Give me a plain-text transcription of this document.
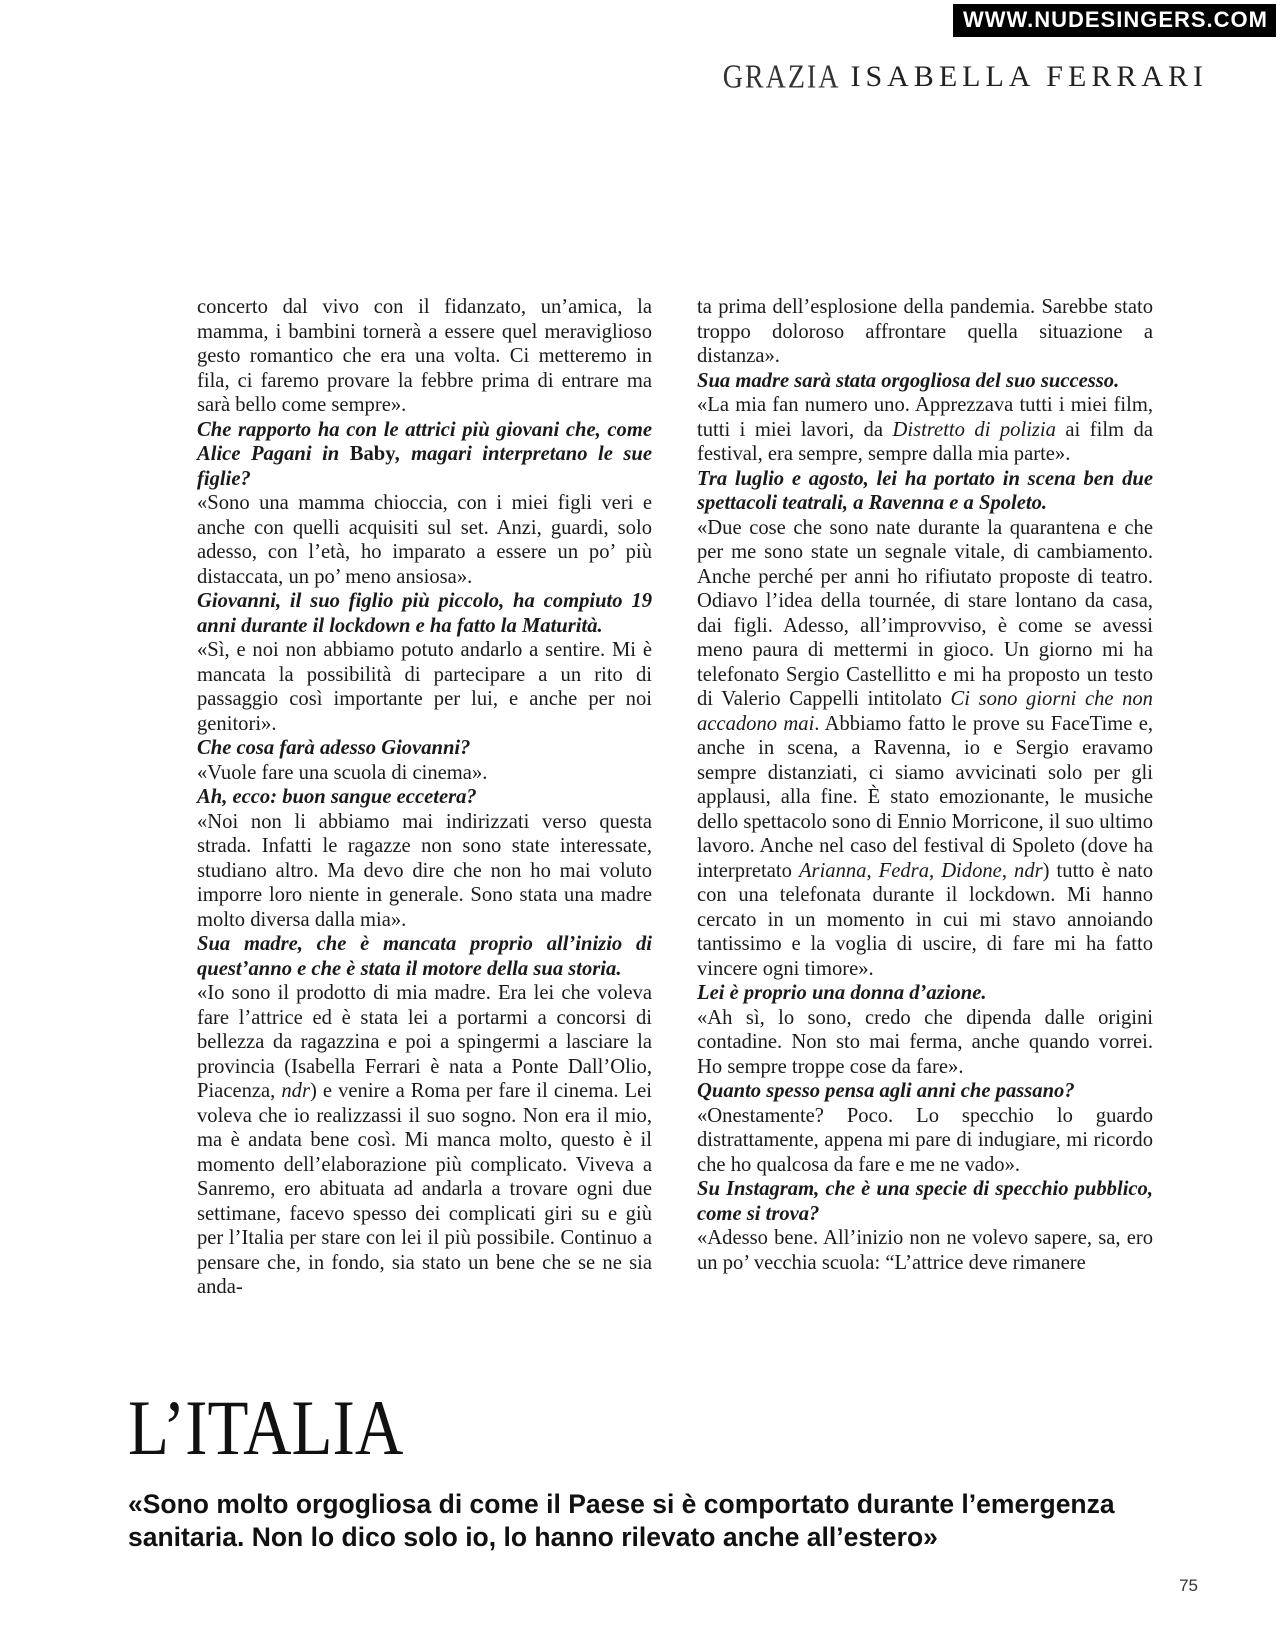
WWW.NUDESINGERS.COM
GRAZIA ISABELLA FERRARI

concerto dal vivo con il fidanzato, un’amica, la mamma, i bambini tornerà a essere quel meraviglioso gesto romantico che era una volta. Ci metteremo in fila, ci faremo provare la febbre prima di entrare ma sarà bello come sempre».

Che rapporto ha con le attrici più giovani che, come Alice Pagani in Baby, magari interpretano le sue figlie?

«Sono una mamma chioccia, con i miei figli veri e anche con quelli acquisiti sul set. Anzi, guardi, solo adesso, con l’età, ho imparato a essere un po’ più distaccata, un po’ meno ansiosa».

Giovanni, il suo figlio più piccolo, ha compiuto 19 anni durante il lockdown e ha fatto la Maturità.

«Sì, e noi non abbiamo potuto andarlo a sentire. Mi è mancata la possibilità di partecipare a un rito di passaggio così importante per lui, e anche per noi genitori».

Che cosa farà adesso Giovanni?

«Vuole fare una scuola di cinema».

Ah, ecco: buon sangue eccetera?

«Noi non li abbiamo mai indirizzati verso questa strada. Infatti le ragazze non sono state interessate, studiano altro. Ma devo dire che non ho mai voluto imporre loro niente in generale. Sono stata una madre molto diversa dalla mia».

Sua madre, che è mancata proprio all’inizio di quest’anno e che è stata il motore della sua storia.

«Io sono il prodotto di mia madre. Era lei che voleva fare l’attrice ed è stata lei a portarmi a concorsi di bellezza da ragazzina e poi a spingermi a lasciare la provincia (Isabella Ferrari è nata a Ponte Dall’Olio, Piacenza, ndr) e venire a Roma per fare il cinema. Lei voleva che io realizzassi il suo sogno. Non era il mio, ma è andata bene così. Mi manca molto, questo è il momento dell’elaborazione più complicato. Viveva a Sanremo, ero abituata ad andarla a trovare ogni due settimane, facevo spesso dei complicati giri su e giù per l’Italia per stare con lei il più possibile. Continuo a pensare che, in fondo, sia stato un bene che se ne sia anda-

ta prima dell’esplosione della pandemia. Sarebbe stato troppo doloroso affrontare quella situazione a distanza».

Sua madre sarà stata orgogliosa del suo successo.

«La mia fan numero uno. Apprezzava tutti i miei film, tutti i miei lavori, da Distretto di polizia ai film da festival, era sempre, sempre dalla mia parte».

Tra luglio e agosto, lei ha portato in scena ben due spettacoli teatrali, a Ravenna e a Spoleto.

«Due cose che sono nate durante la quarantena e che per me sono state un segnale vitale, di cambiamento. Anche perché per anni ho rifiutato proposte di teatro. Odiavo l’idea della tournée, di stare lontano da casa, dai figli. Adesso, all’improvviso, è come se avessi meno paura di mettermi in gioco. Un giorno mi ha telefonato Sergio Castellitto e mi ha proposto un testo di Valerio Cappelli intitolato Ci sono giorni che non accadono mai. Abbiamo fatto le prove su FaceTime e, anche in scena, a Ravenna, io e Sergio eravamo sempre distanziati, ci siamo avvicinati solo per gli applausi, alla fine. È stato emozionante, le musiche dello spettacolo sono di Ennio Morricone, il suo ultimo lavoro. Anche nel caso del festival di Spoleto (dove ha interpretato Arianna, Fedra, Didone, ndr) tutto è nato con una telefonata durante il lockdown. Mi hanno cercato in un momento in cui mi stavo annoiando tantissimo e la voglia di uscire, di fare mi ha fatto vincere ogni timore».

Lei è proprio una donna d’azione.

«Ah sì, lo sono, credo che dipenda dalle origini contadine. Non sto mai ferma, anche quando vorrei. Ho sempre troppe cose da fare».

Quanto spesso pensa agli anni che passano?

«Onestamente? Poco. Lo specchio lo guardo distrattamente, appena mi pare di indugiare, mi ricordo che ho qualcosa da fare e me ne vado».

Su Instagram, che è una specie di specchio pubblico, come si trova?

«Adesso bene. All’inizio non ne volevo sapere, sa, ero un po’ vecchia scuola: “L’attrice deve rimanere

L’ITALIA
«Sono molto orgogliosa di come il Paese si è comportato durante l’emergenza sanitaria. Non lo dico solo io, lo hanno rilevato anche all’estero»
75
